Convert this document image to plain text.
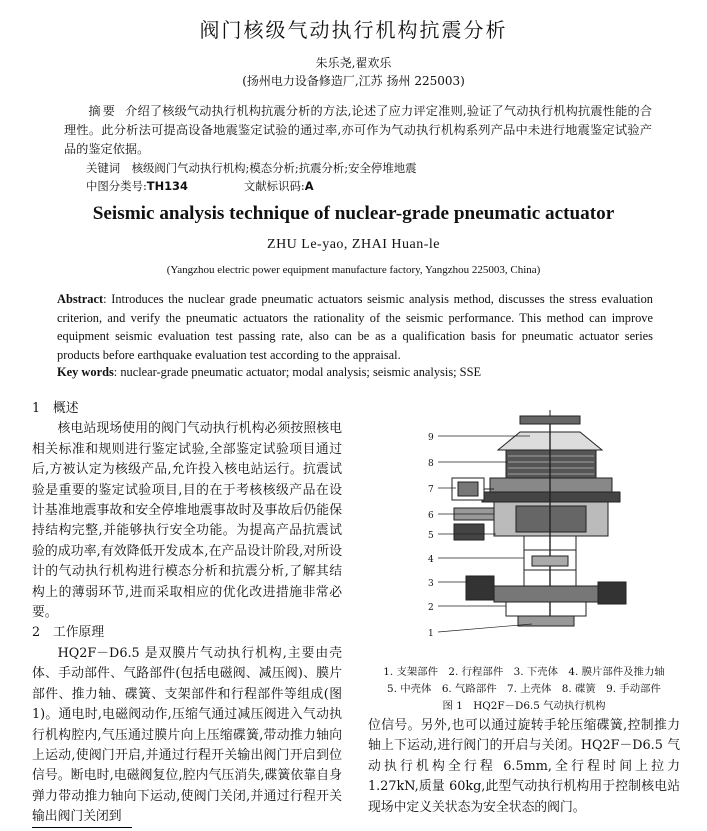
阀门核级气动执行机构抗震分析
朱乐尧,翟欢乐
(扬州电力设备修造厂,江苏 扬州 225003)
摘要 介绍了核级气动执行机构抗震分析的方法,论述了应力评定准则,验证了气动执行机构抗震性能的合理性。此分析法可提高设备地震鉴定试验的通过率,亦可作为气动执行机构系列产品中未进行地震鉴定试验产品的鉴定依据。
关键词　 核级阀门气动执行机构;模态分析;抗震分析;安全停堆地震
中图分类号:TH134	文献标识码:A
Seismic analysis technique of nuclear-grade pneumatic actuator
ZHU Le-yao, ZHAI Huan-le
(Yangzhou electric power equipment manufacture factory, Yangzhou 225003, China)
Abstract: Introduces the nuclear grade pneumatic actuators seismic analysis method, discusses the stress evaluation criterion, and verify the pneumatic actuators the rationality of the seismic performance. This method can improve equipment seismic evaluation test passing rate, also can be as a qualification basis for pneumatic actuator series products before earthquake evaluation test according to the appraisal.
Key words: nuclear-grade pneumatic actuator; modal analysis; seismic analysis; SSE
1　概述
核电站现场使用的阀门气动执行机构必须按照核电相关标准和规则进行鉴定试验,全部鉴定试验项目通过后,方被认定为核级产品,允许投入核电站运行。抗震试验是重要的鉴定试验项目,目的在于考核核级产品在设计基准地震事故和安全停堆地震事故时及事故后仍能保持结构完整,并能够执行安全功能。为提高产品抗震试验的成功率,有效降低开发成本,在产品设计阶段,对所设计的气动执行机构进行模态分析和抗震分析,了解其结构上的薄弱环节,进而采取相应的优化改进措施非常必要。
2　工作原理
HQ2F－D6.5 是双膜片气动执行机构,主要由壳体、手动部件、气路部件(包括电磁阀、减压阀)、膜片部件、推力轴、碟簧、支架部件和行程部件等组成(图 1)。通电时,电磁阀动作,压缩气通过减压阀进入气动执行机构腔内,气压通过膜片向上压缩碟簧,带动推力轴向上运动,使阀门开启,并通过行程开关输出阀门开启到位信号。断电时,电磁阀复位,腔内气压消失,碟簧依靠自身弹力带动推力轴向下运动,使阀门关闭,并通过行程开关输出阀门关闭到
9
8
7
6
5
4
3
2
1
1. 支架部件　2. 行程部件　3. 下壳体　4. 膜片部件及推力轴
5. 中壳体　6. 气路部件　7. 上壳体　8. 碟簧　9. 手动部件
图 1　HQ2F－D6.5 气动执行机构
位信号。另外,也可以通过旋转手轮压缩碟簧,控制推力轴上下运动,进行阀门的开启与关闭。HQ2F－D6.5 气动执行机构全行程 6.5mm,全行程时间上拉力 1.27kN,质量 60kg,此型气动执行机构用于控制核电站现场中定义关状态为安全状态的阀门。
